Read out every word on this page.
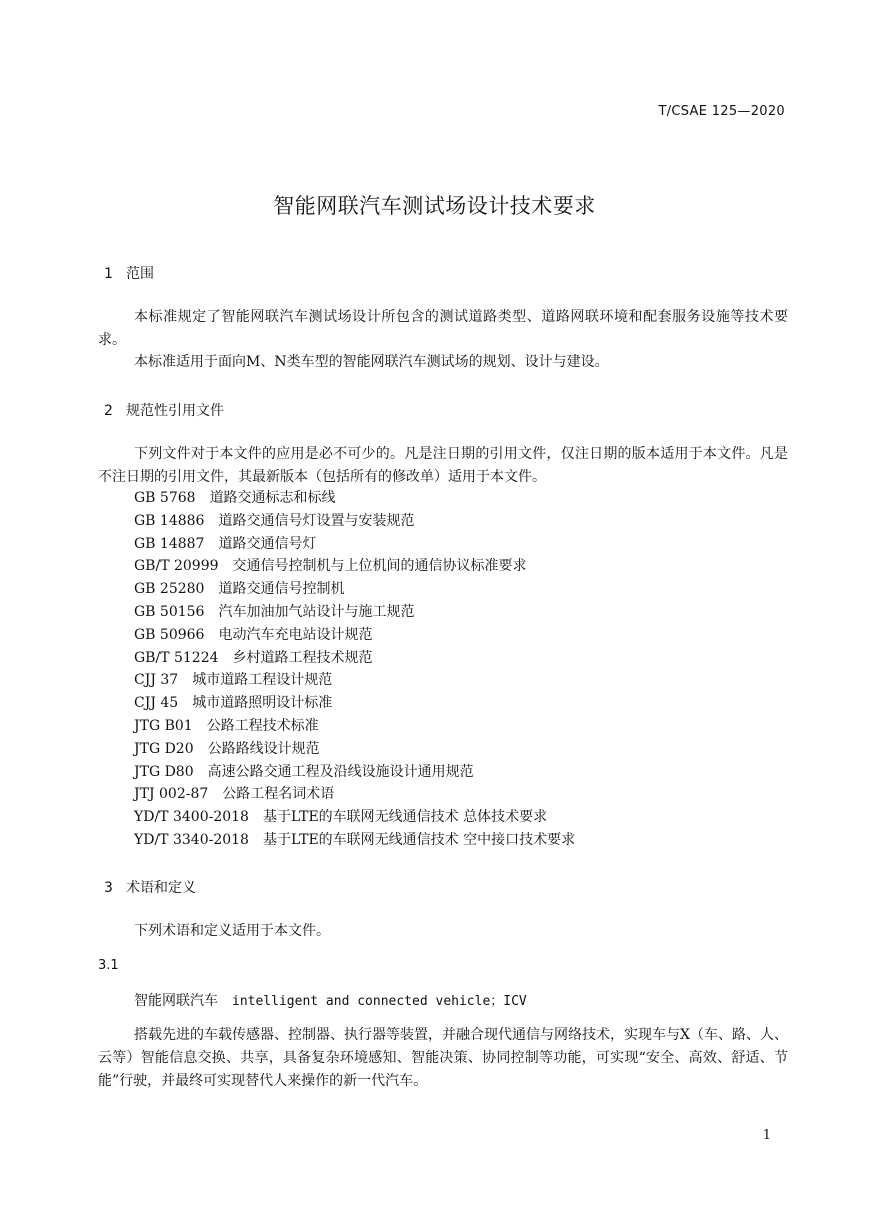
T/CSAE 125—2020
智能网联汽车测试场设计技术要求
1 范围
本标准规定了智能网联汽车测试场设计所包含的测试道路类型、道路网联环境和配套服务设施等技术要求。
本标准适用于面向M、N类车型的智能网联汽车测试场的规划、设计与建设。
2 规范性引用文件
下列文件对于本文件的应用是必不可少的。凡是注日期的引用文件，仅注日期的版本适用于本文件。凡是不注日期的引用文件，其最新版本（包括所有的修改单）适用于本文件。
GB 5768 道路交通标志和标线
GB 14886 道路交通信号灯设置与安装规范
GB 14887 道路交通信号灯
GB/T 20999 交通信号控制机与上位机间的通信协议标准要求
GB 25280 道路交通信号控制机
GB 50156 汽车加油加气站设计与施工规范
GB 50966 电动汽车充电站设计规范
GB/T 51224 乡村道路工程技术规范
CJJ 37 城市道路工程设计规范
CJJ 45 城市道路照明设计标准
JTG B01 公路工程技术标准
JTG D20 公路路线设计规范
JTG D80 高速公路交通工程及沿线设施设计通用规范
JTJ 002-87 公路工程名词术语
YD/T 3400-2018 基于LTE的车联网无线通信技术 总体技术要求
YD/T 3340-2018 基于LTE的车联网无线通信技术 空中接口技术要求
3 术语和定义
下列术语和定义适用于本文件。
3.1
智能网联汽车 intelligent and connected vehicle；ICV
搭载先进的车载传感器、控制器、执行器等装置，并融合现代通信与网络技术，实现车与X（车、路、人、云等）智能信息交换、共享，具备复杂环境感知、智能决策、协同控制等功能，可实现“安全、高效、舒适、节能”行驶，并最终可实现替代人来操作的新一代汽车。
1
